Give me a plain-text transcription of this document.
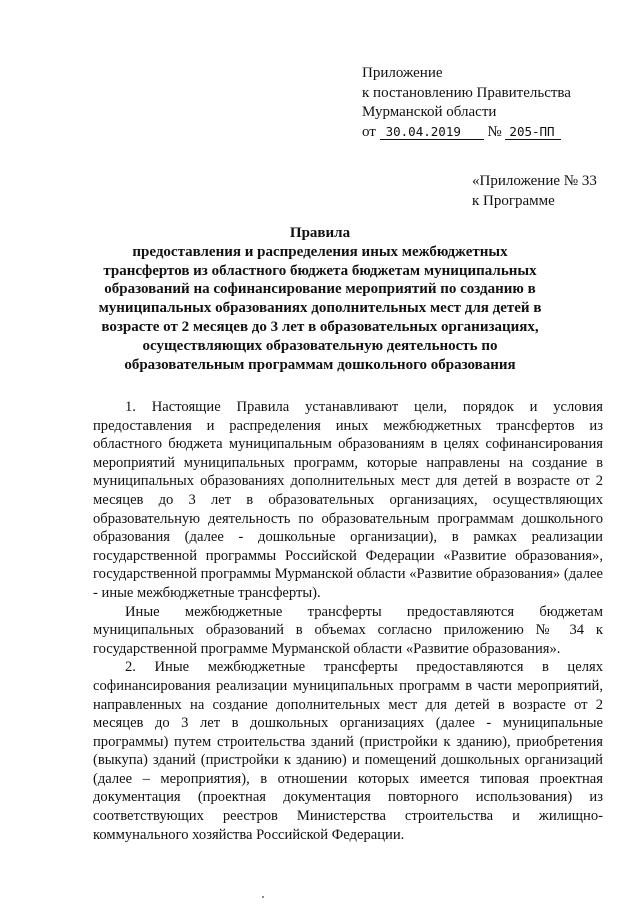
Приложение
к постановлению Правительства
Мурманской области
от 30.04.2019 № 205-ПП
«Приложение № 33
к Программе
Правила
предоставления и распределения иных межбюджетных трансфертов из областного бюджета бюджетам муниципальных образований на софинансирование мероприятий по созданию в муниципальных образованиях дополнительных мест для детей в возрасте от 2 месяцев до 3 лет в образовательных организациях, осуществляющих образовательную деятельность по образовательным программам дошкольного образования

1. Настоящие Правила устанавливают цели, порядок и условия предоставления и распределения иных межбюджетных трансфертов из областного бюджета муниципальным образованиям в целях софинансирования мероприятий муниципальных программ, которые направлены на создание в муниципальных образованиях дополнительных мест для детей в возрасте от 2 месяцев до 3 лет в образовательных организациях, осуществляющих образовательную деятельность по образовательным программам дошкольного образования (далее - дошкольные организации), в рамках реализации государственной программы Российской Федерации «Развитие образования», государственной программы Мурманской области «Развитие образования» (далее - иные межбюджетные трансферты).

Иные межбюджетные трансферты предоставляются бюджетам муниципальных образований в объемах согласно приложению № 34 к государственной программе Мурманской области «Развитие образования».

2. Иные межбюджетные трансферты предоставляются в целях софинансирования реализации муниципальных программ в части мероприятий, направленных на создание дополнительных мест для детей в возрасте от 2 месяцев до 3 лет в дошкольных организациях (далее - муниципальные программы) путем строительства зданий (пристройки к зданию), приобретения (выкупа) зданий (пристройки к зданию) и помещений дошкольных организаций (далее – мероприятия), в отношении которых имеется типовая проектная документация (проектная документация повторного использования) из соответствующих реестров Министерства строительства и жилищно-коммунального хозяйства Российской Федерации.
